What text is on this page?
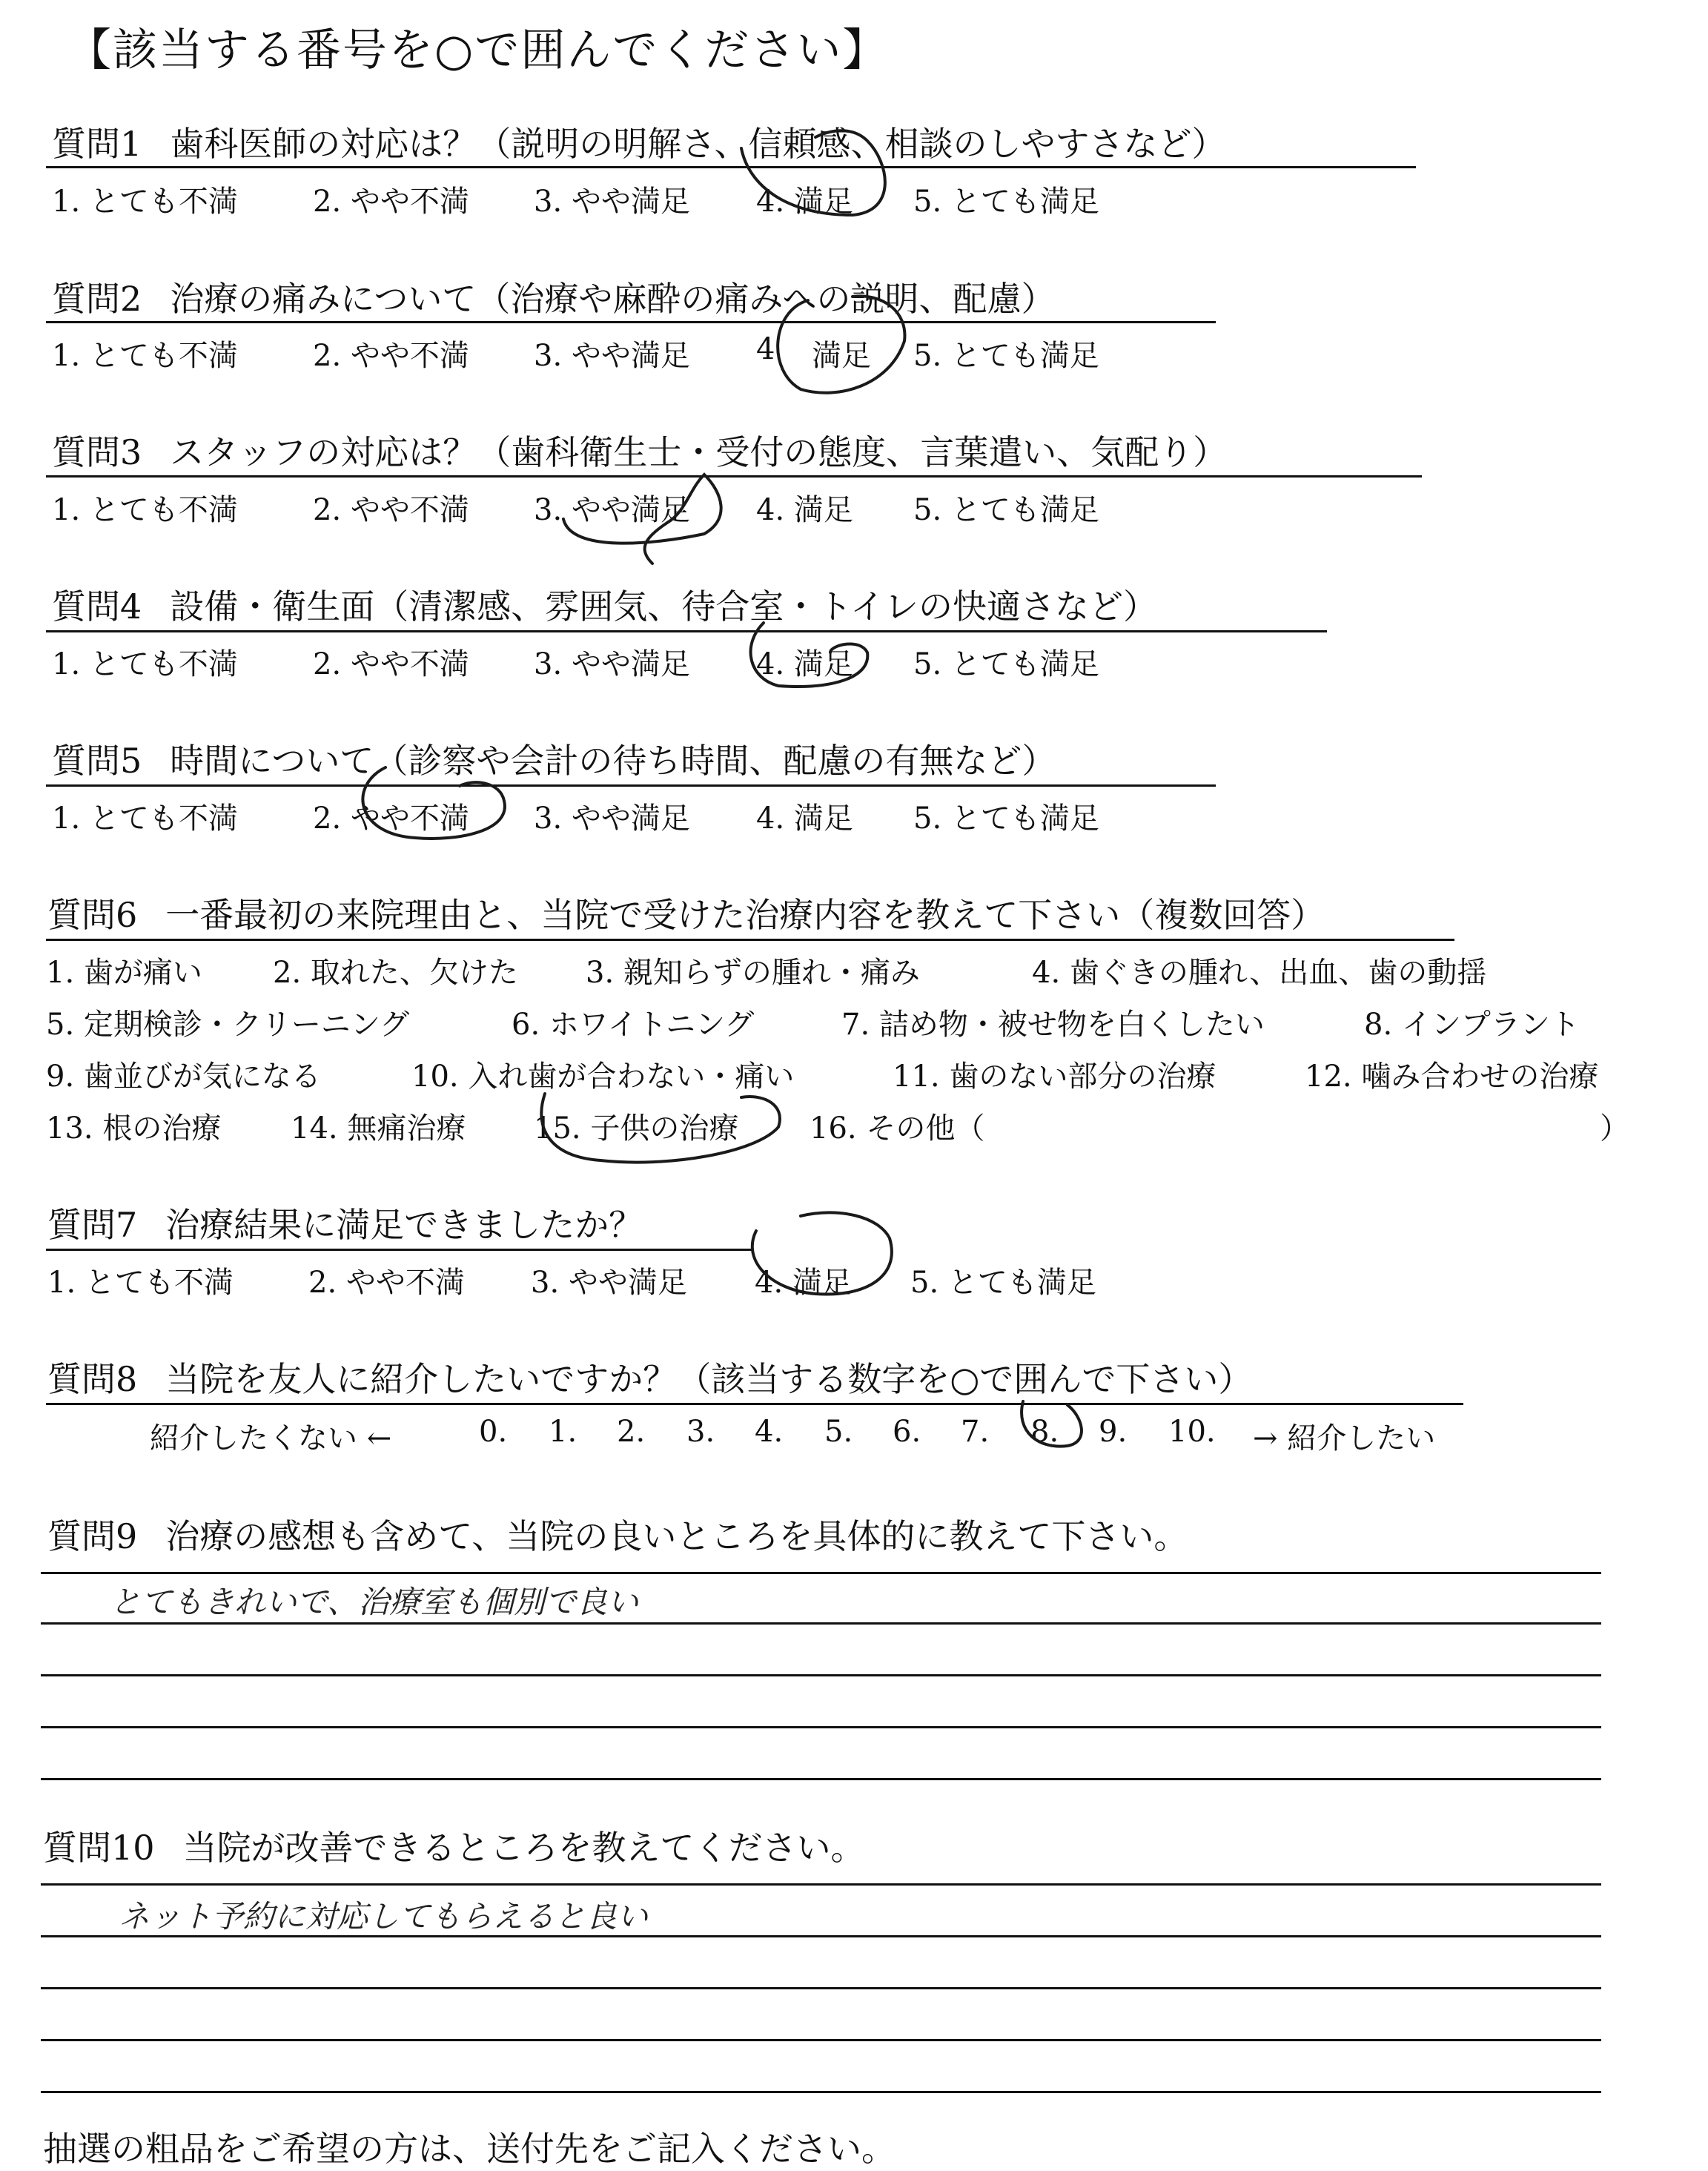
【該当する番号を○で囲んでください】
質問1 歯科医師の対応は？（説明の明解さ、信頼感、相談のしやすさなど）
1. とても不満	2. やや不満 3. やや満足 4. 満足 5. とても満足
質問2 治療の痛みについて（治療や麻酔の痛みへの説明、配慮）
1. とても不満	2. やや不満 3. やや満足 4 満足 5. とても満足
質問3 スタッフの対応は？（歯科衛生士・受付の態度、言葉遣い、気配り）
1. とても不満	2. やや不満 3. やや満足 4. 満足 5. とても満足
質問4 設備・衛生面（清潔感、雰囲気、待合室・トイレの快適さなど）
1. とても不満	2. やや不満 3. やや満足 4. 満足 5. とても満足
質問5 時間について（診察や会計の待ち時間、配慮の有無など）
1. とても不満	2. やや不満 3. やや満足 4. 満足 5. とても満足
質問6 一番最初の来院理由と、当院で受けた治療内容を教えて下さい（複数回答）
1. 歯が痛い 2. 取れた、欠けた 3. 親知らずの腫れ・痛み	4. 歯ぐきの腫れ、出血、歯の動揺
5. 定期検診・クリーニング	6. ホワイトニング	7. 詰め物・被せ物を白くしたい	8. インプラント
9. 歯並びが気になる	10. 入れ歯が合わない・痛い	11. 歯のない部分の治療	12. 噛み合わせの治療
13. 根の治療 14. 無痛治療 15. 子供の治療 16. その他（	）
質問7 治療結果に満足できましたか？
1. とても不満	2. やや不満 3. やや満足 4. 満足 5. とても満足
質問8 当院を友人に紹介したいですか？（該当する数字を○で囲んで下さい）
紹介したくない ←	0. 1. 2. 3. 4. 5. 6. 7. 8. 9. 10. → 紹介したい
質問9 治療の感想も含めて、当院の良いところを具体的に教えて下さい。
とてもきれいで、治療室も個別で良い
質問10 当院が改善できるところを教えてください。
ネット予約に対応してもらえると良い
抽選の粗品をご希望の方は、送付先をご記入ください。
